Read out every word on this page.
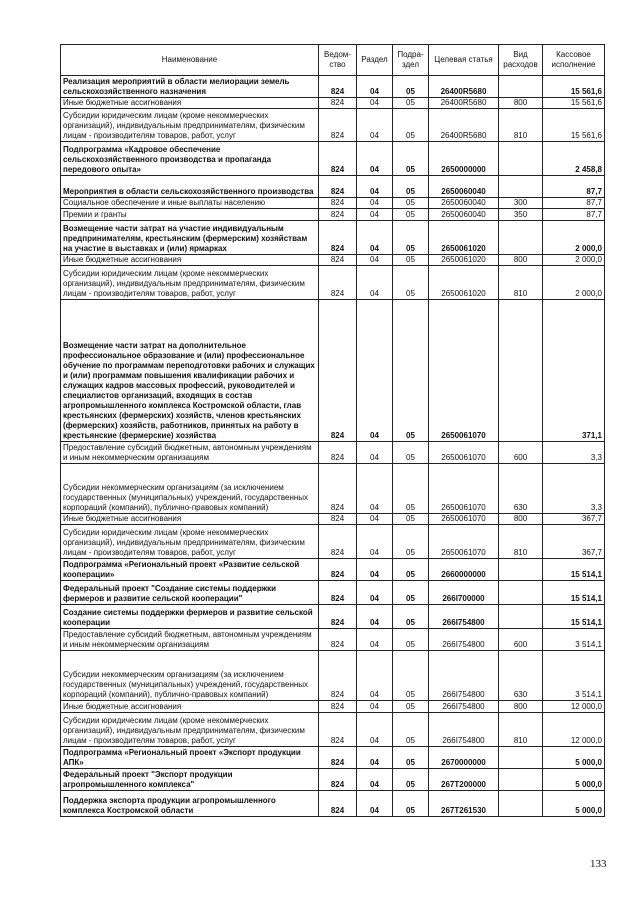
Наименование	Ведом-ство	Раздел	Подра-здел	Целевая статья	Вид расходов	Кассовое исполнение
Реализация мероприятий в области мелиорации земель сельскохозяйственного назначения	824	04	05	26400R5680		15 561,6
Иные бюджетные ассигнования	824	04	05	26400R5680	800	15 561,6
Субсидии юридическим лицам (кроме некоммерческих организаций), индивидуальным предпринимателям, физическим лицам - производителям товаров, работ, услуг	824	04	05	26400R5680	810	15 561,6
Подпрограмма «Кадровое обеспечение сельскохозяйственного производства и пропаганда передового опыта»	824	04	05	2650000000		2 458,8
Мероприятия в области сельскохозяйственного производства	824	04	05	2650060040		87,7
Социальное обеспечение и иные выплаты населению	824	04	05	2650060040	300	87,7
Премии и гранты	824	04	05	2650060040	350	87,7
Возмещение части затрат на участие индивидуальным предпринимателям, крестьянским (фермерским) хозяйствам на участие в выставках и (или) ярмарках	824	04	05	2650061020		2 000,0
Иные бюджетные ассигнования	824	04	05	2650061020	800	2 000,0
Субсидии юридическим лицам (кроме некоммерческих организаций), индивидуальным предпринимателям, физическим лицам - производителям товаров, работ, услуг	824	04	05	2650061020	810	2 000,0
Возмещение части затрат на дополнительное профессиональное образование и (или) профессиональное обучение по программам переподготовки рабочих и служащих и (или) программам повышения квалификации рабочих и служащих кадров массовых профессий, руководителей и специалистов организаций, входящих в состав агропромышленного комплекса Костромской области, глав крестьянских (фермерских) хозяйств, членов крестьянских (фермерских) хозяйств, работников, принятых на работу в крестьянские (фермерские) хозяйства	824	04	05	2650061070		371,1
Предоставление субсидий бюджетным, автономным учреждениям и иным некоммерческим организациям	824	04	05	2650061070	600	3,3
Субсидии некоммерческим организациям (за исключением государственных (муниципальных) учреждений, государственных корпораций (компаний), публично-правовых компаний)	824	04	05	2650061070	630	3,3
Иные бюджетные ассигнования	824	04	05	2650061070	800	367,7
Субсидии юридическим лицам (кроме некоммерческих организаций), индивидуальным предпринимателям, физическим лицам - производителям товаров, работ, услуг	824	04	05	2650061070	810	367,7
Подпрограмма «Региональный проект «Развитие сельской кооперации»	824	04	05	2660000000		15 514,1
Федеральный проект "Создание системы поддержки фермеров и развитие сельской кооперации"	824	04	05	266I700000		15 514,1
Создание системы поддержки фермеров и развитие сельской кооперации	824	04	05	266I754800		15 514,1
Предоставление субсидий бюджетным, автономным учреждениям и иным некоммерческим организациям	824	04	05	266I754800	600	3 514,1
Субсидии некоммерческим организациям (за исключением государственных (муниципальных) учреждений, государственных корпораций (компаний), публично-правовых компаний)	824	04	05	266I754800	630	3 514,1
Иные бюджетные ассигнования	824	04	05	266I754800	800	12 000,0
Субсидии юридическим лицам (кроме некоммерческих организаций), индивидуальным предпринимателям, физическим лицам - производителям товаров, работ, услуг	824	04	05	266I754800	810	12 000,0
Подпрограмма «Региональный проект «Экспорт продукции АПК»	824	04	05	2670000000		5 000,0
Федеральный проект "Экспорт продукции агропромышленного комплекса"	824	04	05	267T200000		5 000,0
Поддержка экспорта продукции агропромышленного комплекса Костромской области	824	04	05	267T261530		5 000,0
133
